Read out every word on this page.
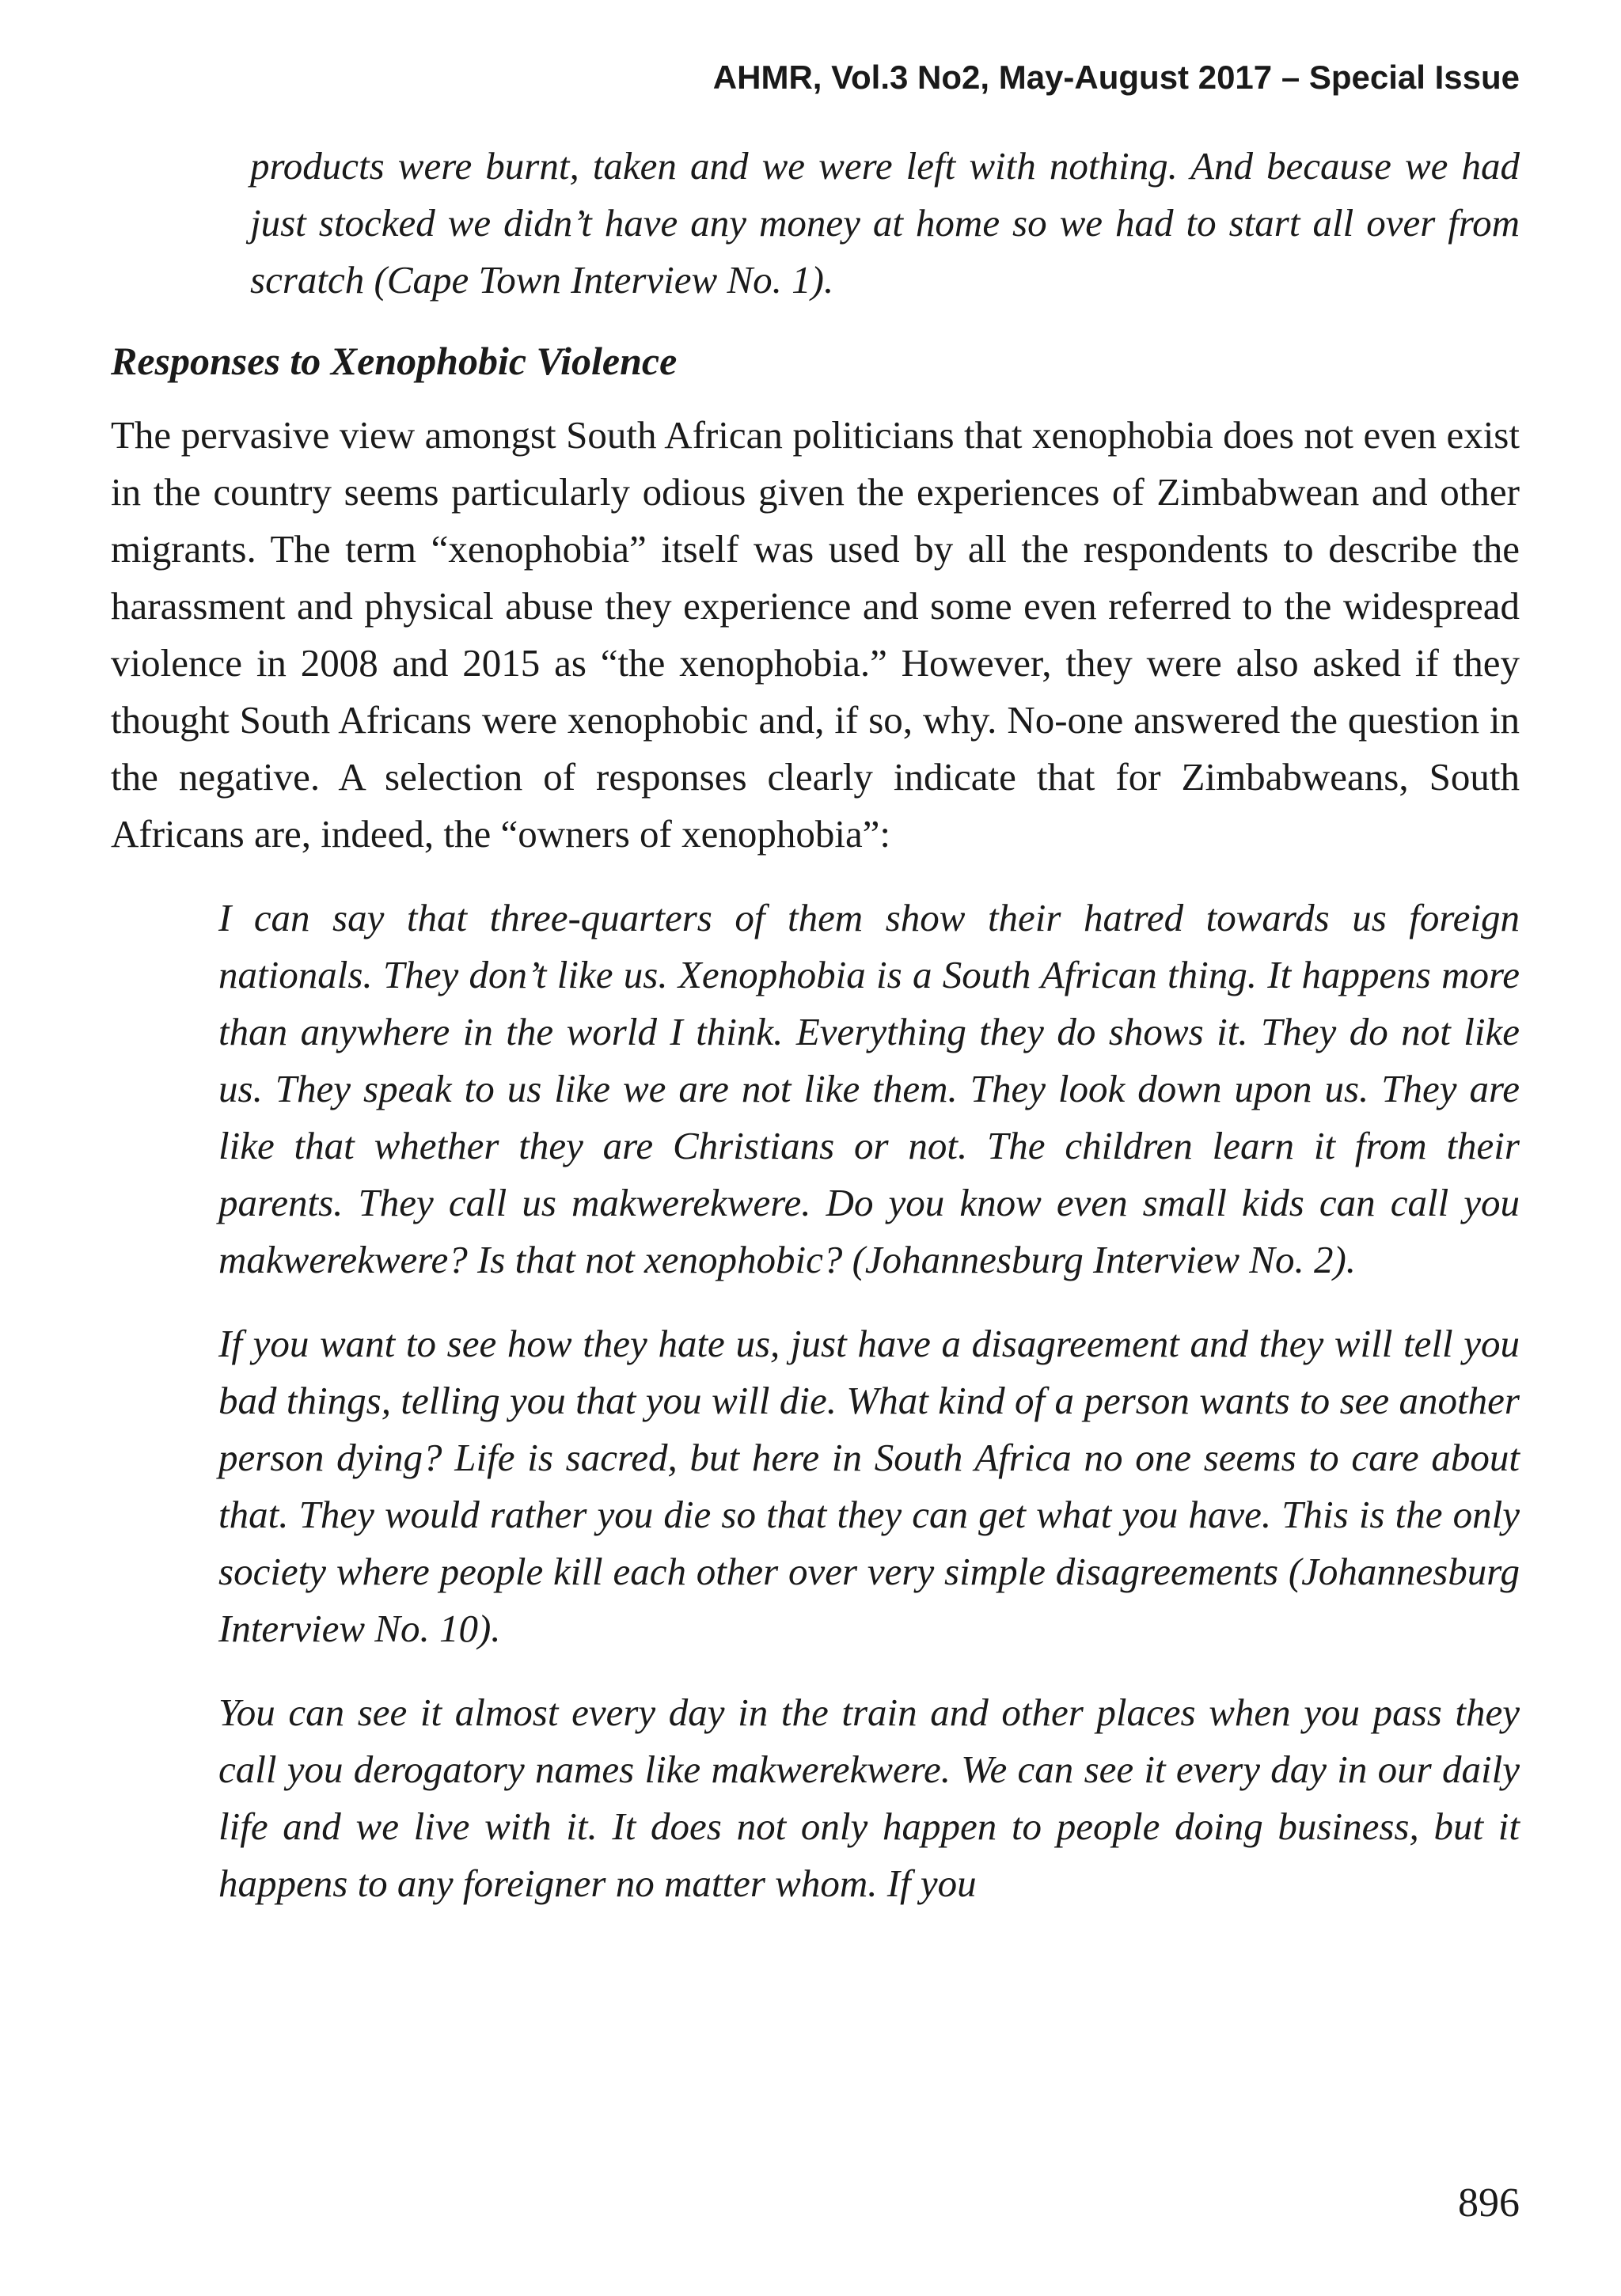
AHMR, Vol.3 No2, May-August 2017 – Special Issue

products were burnt, taken and we were left with nothing. And because we had just stocked we didn’t have any money at home so we had to start all over from scratch (Cape Town Interview No. 1).

Responses to Xenophobic Violence

The pervasive view amongst South African politicians that xenophobia does not even exist in the country seems particularly odious given the experiences of Zimbabwean and other migrants. The term “xenophobia” itself was used by all the respondents to describe the harassment and physical abuse they experience and some even referred to the widespread violence in 2008 and 2015 as “the xenophobia.” However, they were also asked if they thought South Africans were xenophobic and, if so, why. No-one answered the question in the negative. A selection of responses clearly indicate that for Zimbabweans, South Africans are, indeed, the “owners of xenophobia”:

I can say that three-quarters of them show their hatred towards us foreign nationals. They don’t like us. Xenophobia is a South African thing. It happens more than anywhere in the world I think. Everything they do shows it. They do not like us. They speak to us like we are not like them. They look down upon us. They are like that whether they are Christians or not. The children learn it from their parents. They call us makwerekwere. Do you know even small kids can call you makwerekwere? Is that not xenophobic? (Johannesburg Interview No. 2).

If you want to see how they hate us, just have a disagreement and they will tell you bad things, telling you that you will die. What kind of a person wants to see another person dying? Life is sacred, but here in South Africa no one seems to care about that. They would rather you die so that they can get what you have. This is the only society where people kill each other over very simple disagreements (Johannesburg Interview No. 10).

You can see it almost every day in the train and other places when you pass they call you derogatory names like makwerekwere. We can see it every day in our daily life and we live with it. It does not only happen to people doing business, but it happens to any foreigner no matter whom. If you

896
